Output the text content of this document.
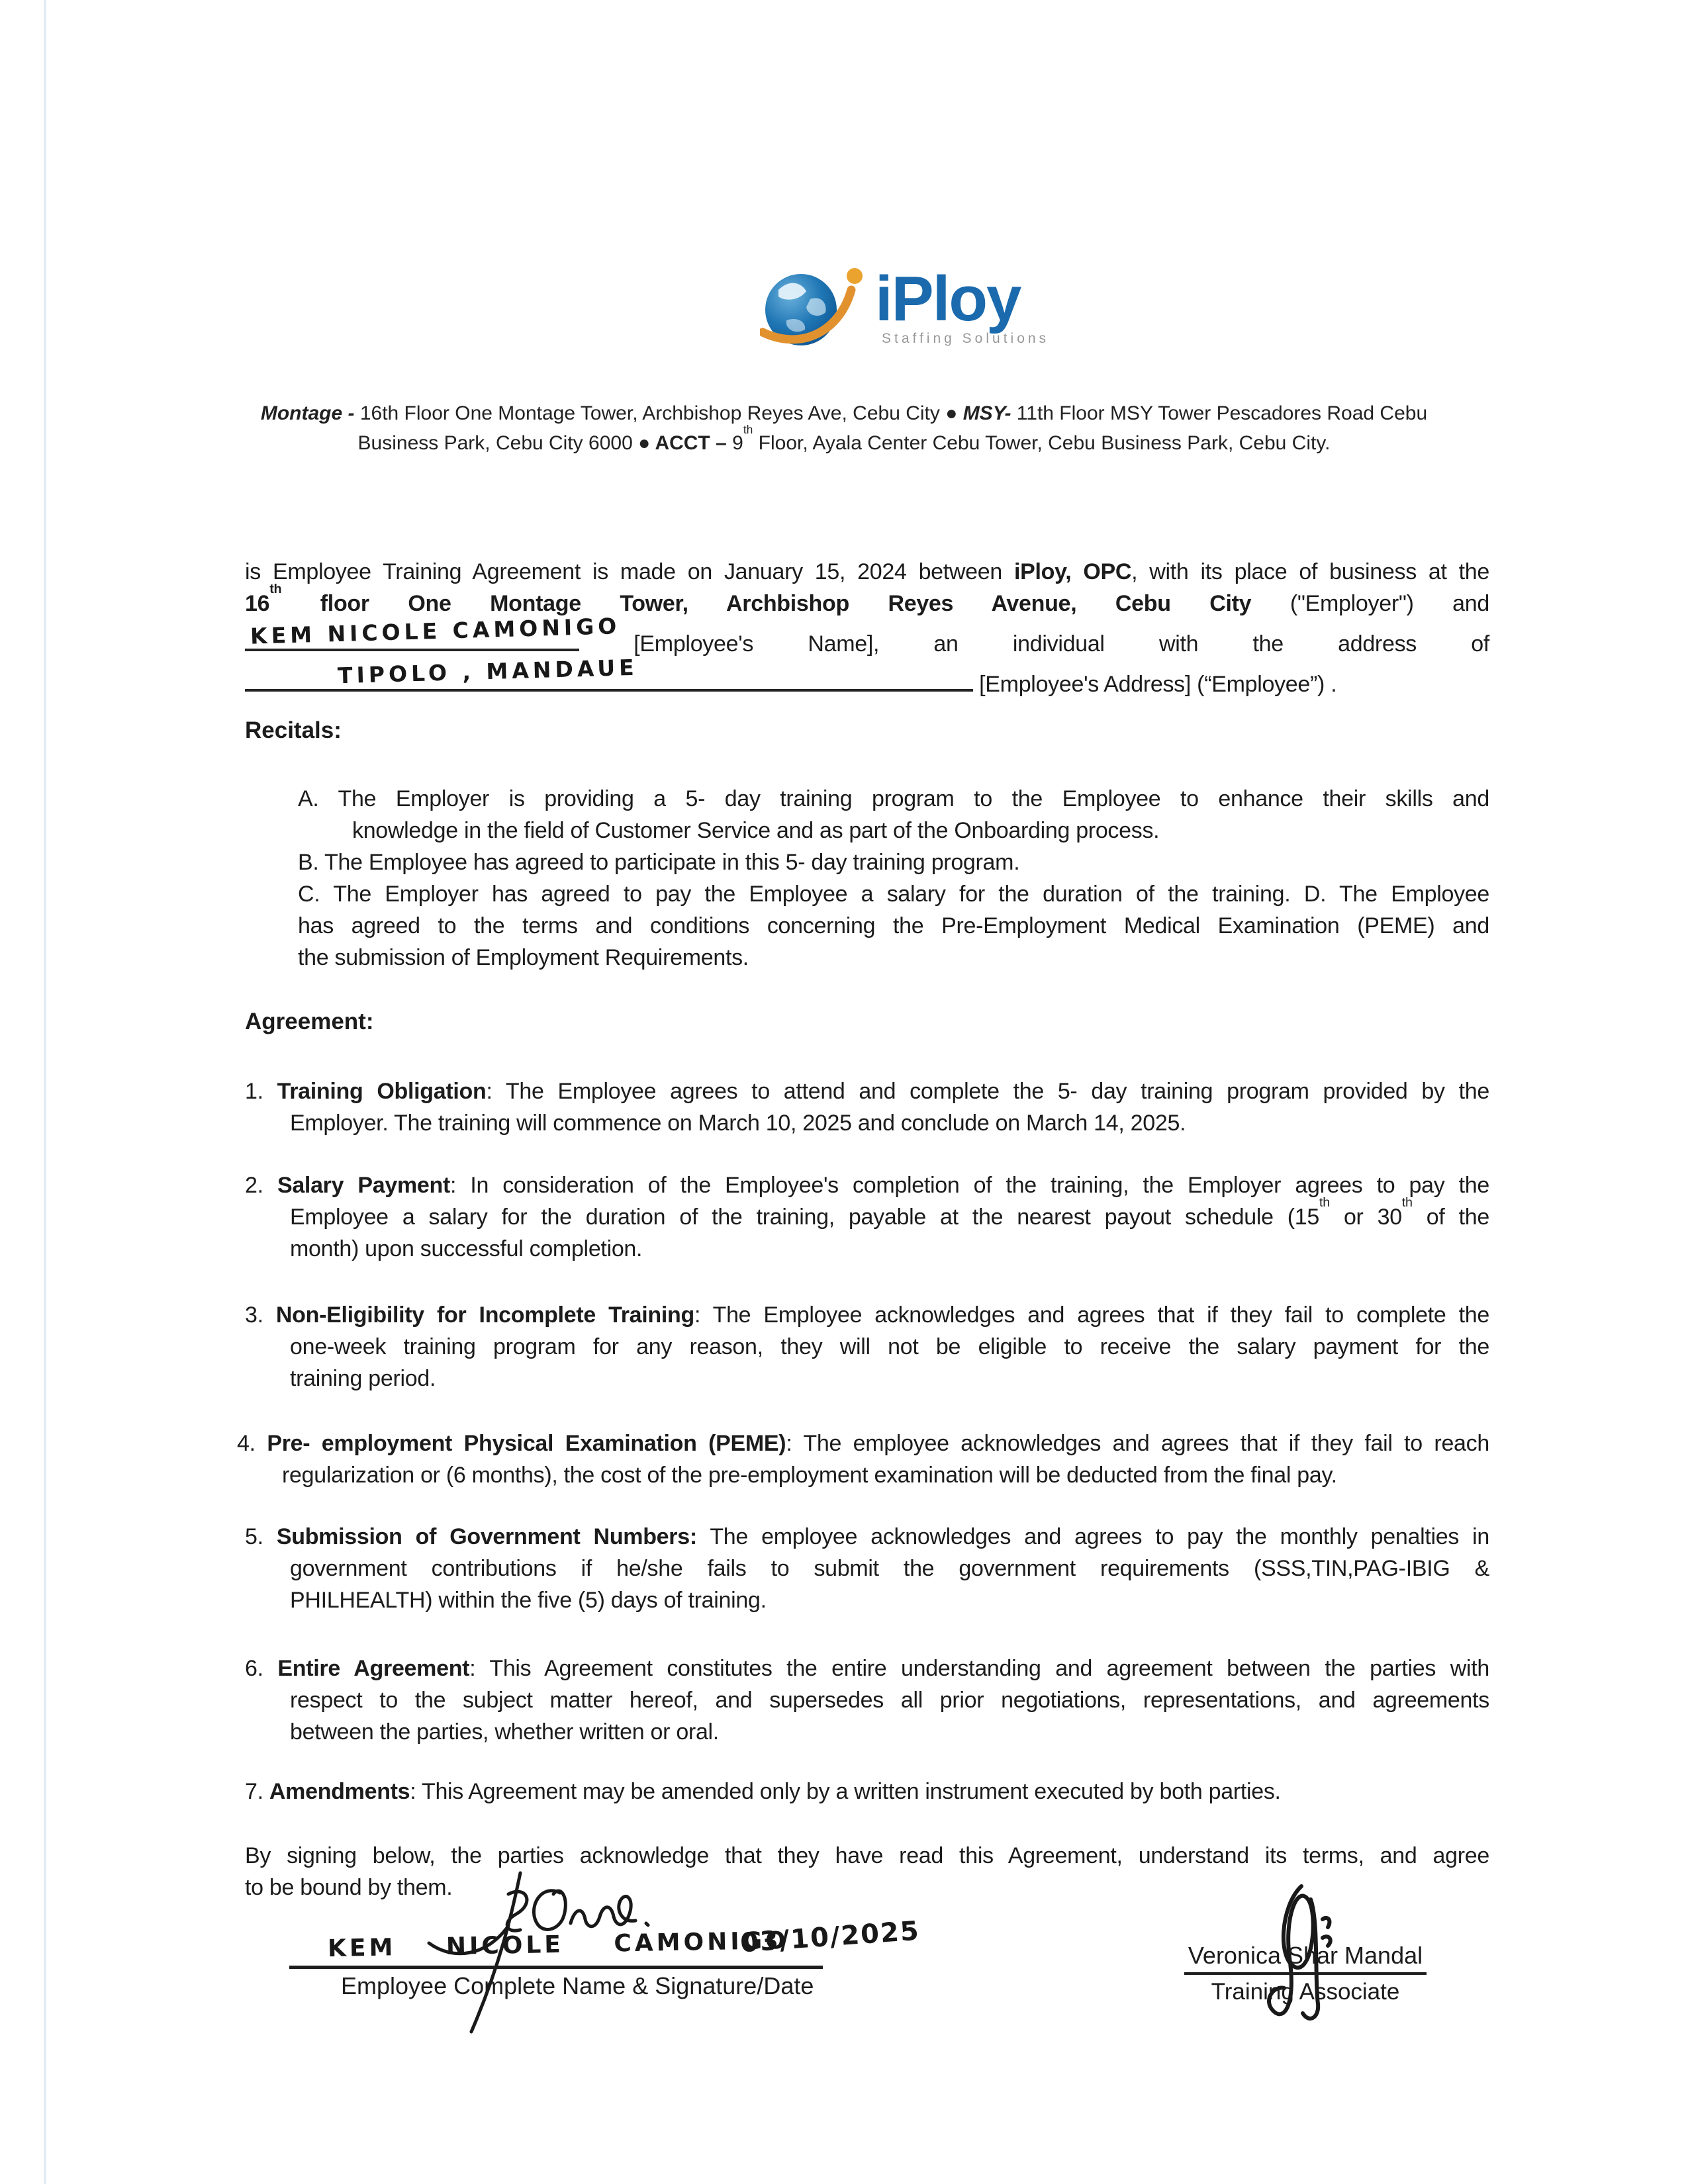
iPloy
Staffing Solutions
Montage - 16th Floor One Montage Tower, Archbishop Reyes Ave, Cebu City ● MSY- 11th Floor MSY Tower Pescadores Road Cebu Business Park, Cebu City 6000 ● ACCT – 9th Floor, Ayala Center Cebu Tower, Cebu Business Park, Cebu City.
is Employee Training Agreement is made on January 15, 2024 between iPloy, OPC, with its place of business at the
16th floor One Montage Tower, Archbishop Reyes Avenue, Cebu City ("Employer") and
KEM NICOLE CAMONIGO [Employee's Name], an individual with the address of
TIPOLO , MANDAUE	[Employee's Address] (“Employee”) .
Recitals:
A. The Employer is providing a 5- day training program to the Employee to enhance their skills and
knowledge in the field of Customer Service and as part of the Onboarding process.
B. The Employee has agreed to participate in this 5- day training program.
C. The Employer has agreed to pay the Employee a salary for the duration of the training. D. The Employee
has agreed to the terms and conditions concerning the Pre-Employment Medical Examination (PEME) and
the submission of Employment Requirements.
Agreement:
1. Training Obligation: The Employee agrees to attend and complete the 5- day training program provided by the
Employer. The training will commence on March 10, 2025 and conclude on March 14, 2025.
2. Salary Payment: In consideration of the Employee's completion of the training, the Employer agrees to pay the
Employee a salary for the duration of the training, payable at the nearest payout schedule (15th or 30th of the
month) upon successful completion.
3. Non-Eligibility for Incomplete Training: The Employee acknowledges and agrees that if they fail to complete the
one-week training program for any reason, they will not be eligible to receive the salary payment for the
training period.
4. Pre- employment Physical Examination (PEME): The employee acknowledges and agrees that if they fail to reach
regularization or (6 months), the cost of the pre-employment examination will be deducted from the final pay.
5. Submission of Government Numbers: The employee acknowledges and agrees to pay the monthly penalties in
government contributions if he/she fails to submit the government requirements (SSS,TIN,PAG-IBIG &
PHILHEALTH) within the five (5) days of training.
6. Entire Agreement: This Agreement constitutes the entire understanding and agreement between the parties with
respect to the subject matter hereof, and supersedes all prior negotiations, representations, and agreements
between the parties, whether written or oral.
7. Amendments: This Agreement may be amended only by a written instrument executed by both parties.
By signing below, the parties acknowledge that they have read this Agreement, understand its terms, and agree
to be bound by them.
KEM NICOLE CAMONIGO
03/10/2025
Employee Complete Name & Signature/Date
Veronica Shar Mandal
Training Associate
